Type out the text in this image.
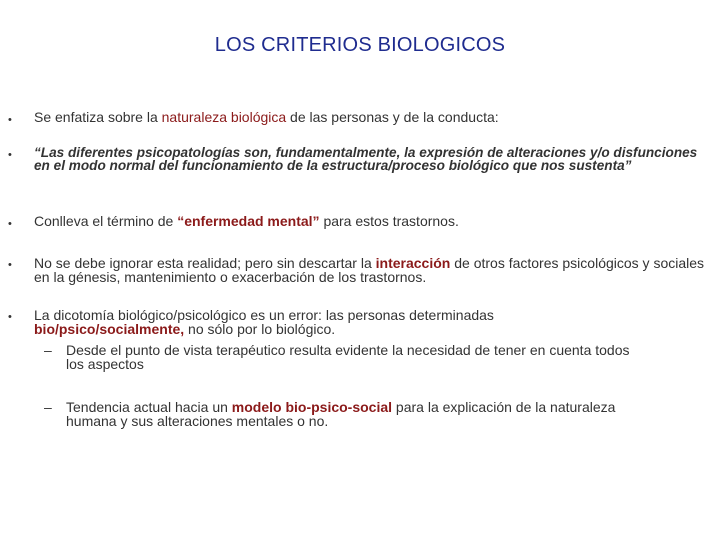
LOS CRITERIOS BIOLOGICOS
• Se enfatiza sobre la naturaleza biológica de las personas y de la conducta:
• “Las diferentes psicopatologías son, fundamentalmente, la expresión de alteraciones y/o disfunciones en el modo normal del funcionamiento de la estructura/proceso biológico que nos sustenta”
• Conlleva el término de “enfermedad mental” para estos trastornos.
• No se debe ignorar esta realidad; pero sin descartar la interacción de otros factores psicológicos y sociales en la génesis, mantenimiento o exacerbación de los trastornos.
• La dicotomía biológico/psicológico es un error: las personas determinadas
bio/psico/socialmente, no sólo por lo biológico.
– Desde el punto de vista terapéutico resulta evidente la necesidad de tener en cuenta todos
los aspectos
– Tendencia actual hacia un modelo bio-psico-social para la explicación de la naturaleza
humana y sus alteraciones mentales o no.
